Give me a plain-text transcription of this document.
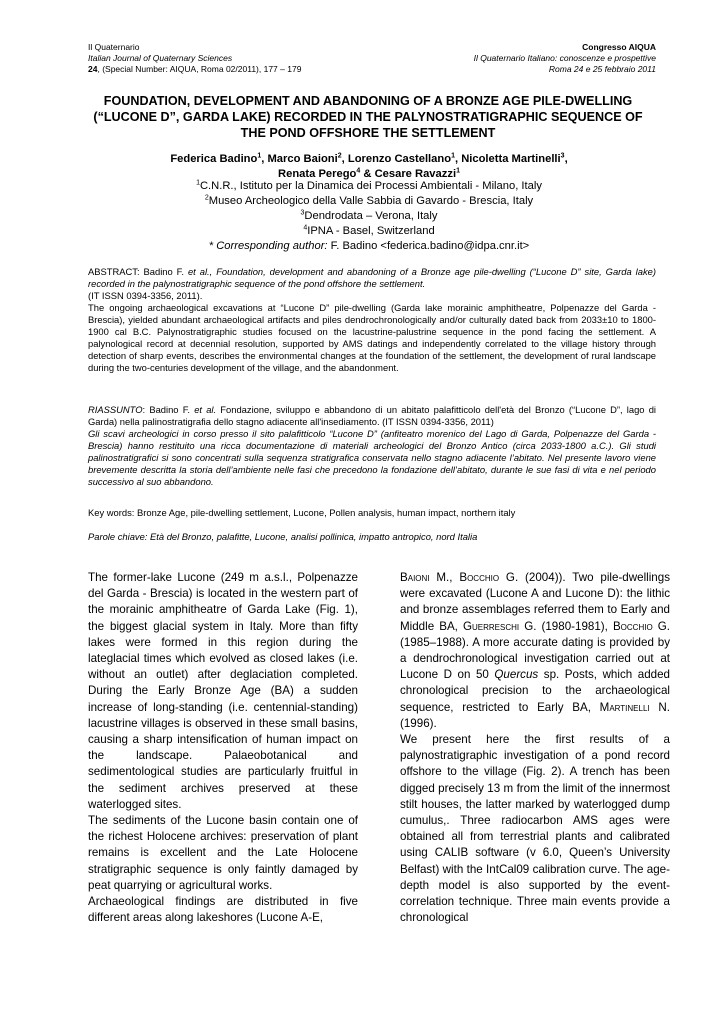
Il Quaternario
Italian Journal of Quaternary Sciences
24, (Special Number: AIQUA, Roma 02/2011), 177 – 179
Congresso AIQUA
Il Quaternario Italiano: conoscenze e prospettive
Roma 24 e 25 febbraio 2011
FOUNDATION, DEVELOPMENT AND ABANDONING OF A BRONZE AGE PILE-DWELLING (“LUCONE D”, GARDA LAKE) RECORDED IN THE PALYNOSTRATIGRAPHIC SEQUENCE OF THE POND OFFSHORE THE SETTLEMENT
Federica Badino$^1$, Marco Baioni$^2$, Lorenzo Castellano$^1$, Nicoletta Martinelli$^3$,
Renata Perego$^4$ & Cesare Ravazzi$^1$
$^1$C.N.R., Istituto per la Dinamica dei Processi Ambientali - Milano, Italy
$^2$Museo Archeologico della Valle Sabbia di Gavardo - Brescia, Italy
$^3$Dendrodata – Verona, Italy
$^4$IPNA - Basel, Switzerland
* Corresponding author: F. Badino <federica.badino@idpa.cnr.it>

ABSTRACT: Badino F. et al., Foundation, development and abandoning of a Bronze age pile-dwelling (“Lucone D” site, Garda lake) recorded in the palynostratigraphic sequence of the pond offshore the settlement.

(IT ISSN 0394-3356, 2011).

The ongoing archaeological excavations at “Lucone D” pile-dwelling (Garda lake morainic amphitheatre, Polpenazze del Garda - Brescia), yielded abundant archaeological artifacts and piles dendrochronologically and/or culturally dated back from 2033±10 to 1800-1900 cal B.C. Palynostratigraphic studies focused on the lacustrine-palustrine sequence in the pond facing the settlement. A palynological record at decennial resolution, supported by AMS datings and independently correlated to the village history through detection of sharp events, describes the environmental changes at the foundation of the settlement, the development of rural landscape during the two-centuries development of the village, and the abandonment.

RIASSUNTO: Badino F. et al. Fondazione, sviluppo e abbandono di un abitato palafitticolo dell'età del Bronzo (“Lucone D”, lago di Garda) nella palinostratigrafia dello stagno adiacente all'insediamento. (IT ISSN 0394-3356, 2011)

Gli scavi archeologici in corso presso il sito palafitticolo “Lucone D” (anfiteatro morenico del Lago di Garda, Polpenazze del Garda - Brescia) hanno restituito una ricca documentazione di materiali archeologici del Bronzo Antico (circa 2033-1800 a.C.). Gli studi palinostratigrafici si sono concentrati sulla sequenza stratigrafica conservata nello stagno adiacente l’abitato. Nel presente lavoro viene brevemente descritta la storia dell’ambiente nelle fasi che precedono la fondazione dell’abitato, durante le sue fasi di vita e nel periodo successivo al suo abbandono.

Key words: Bronze Age, pile-dwelling settlement, Lucone, Pollen analysis, human impact, northern italy
Parole chiave: Età del Bronzo, palafitte, Lucone, analisi pollinica, impatto antropico, nord Italia

The former-lake Lucone (249 m a.s.l., Polpenazze del Garda - Brescia) is located in the western part of the morainic amphitheatre of Garda Lake (Fig. 1), the biggest glacial system in Italy. More than fifty lakes were formed in this region during the lateglacial times which evolved as closed lakes (i.e. without an outlet) after deglaciation completed. During the Early Bronze Age (BA) a sudden increase of long-standing (i.e. centennial-standing) lacustrine villages is observed in these small basins, causing a sharp intensification of human impact on the landscape. Palaeobotanical and sedimentological studies are particularly fruitful in the sediment archives preserved at these waterlogged sites.

The sediments of the Lucone basin contain one of the richest Holocene archives: preservation of plant remains is excellent and the Late Holocene stratigraphic sequence is only faintly damaged by peat quarrying or agricultural works.

Archaeological findings are distributed in five different areas along lakeshores (Lucone A-E,

Baioni M., Bocchio G. (2004)). Two pile-dwellings were excavated (Lucone A and Lucone D): the lithic and bronze assemblages referred them to Early and Middle BA, Guerreschi G. (1980-1981), Bocchio G. (1985–1988). A more accurate dating is provided by a dendrochronological investigation carried out at Lucone D on 50 Quercus sp. Posts, which added chronological precision to the archaeological sequence, restricted to Early BA, Martinelli N. (1996).

We present here the first results of a palynostratigraphic investigation of a pond record offshore to the village (Fig. 2). A trench has been digged precisely 13 m from the limit of the innermost stilt houses, the latter marked by waterlogged dump cumulus,. Three radiocarbon AMS ages were obtained all from terrestrial plants and calibrated using CALIB software (v 6.0, Queen’s University Belfast) with the IntCal09 calibration curve. The age-depth model is also supported by the event-correlation technique. Three main events provide a chronological
